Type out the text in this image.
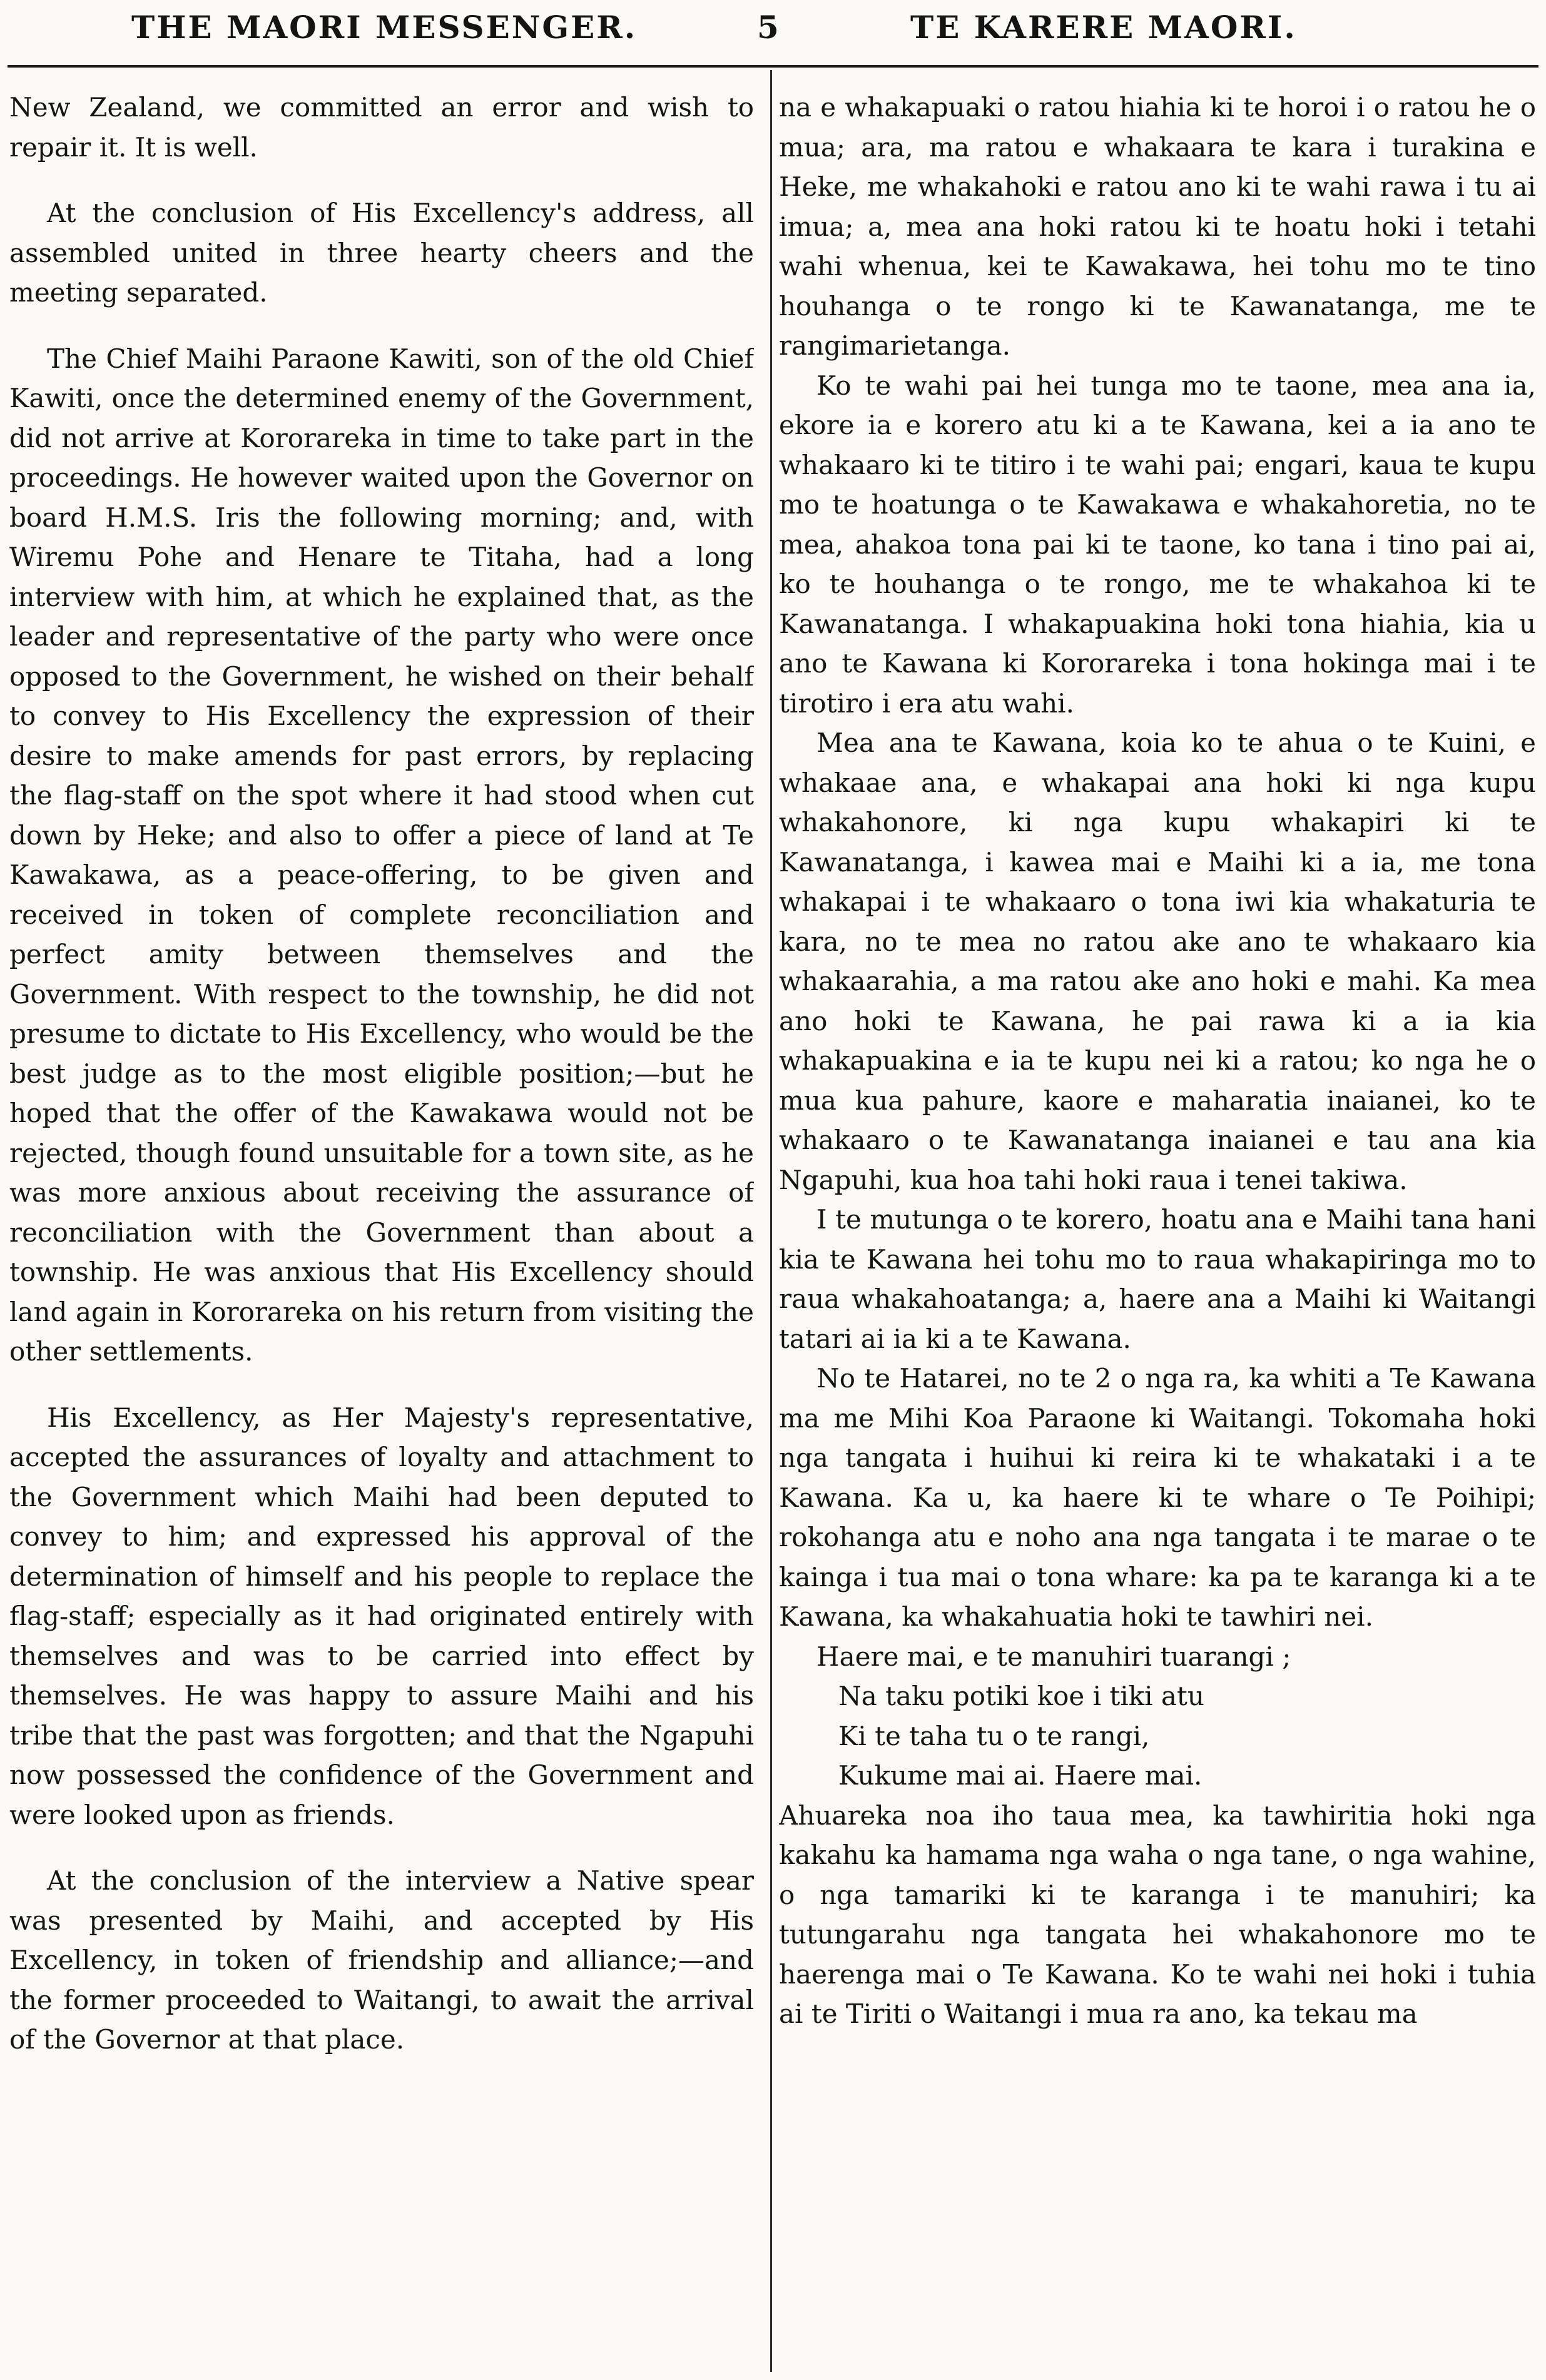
THE MAORI MESSENGER.	5	TE KARERE MAORI.

New Zealand, we committed an error and wish to repair it. It is well.

At the conclusion of His Excellency's address, all assembled united in three hearty cheers and the meeting separated.

The Chief Maihi Paraone Kawiti, son of the old Chief Kawiti, once the determined enemy of the Government, did not arrive at Kororareka in time to take part in the proceedings. He however waited upon the Governor on board H.M.S. Iris the following morning; and, with Wiremu Pohe and Henare te Titaha, had a long interview with him, at which he explained that, as the leader and representative of the party who were once opposed to the Government, he wished on their behalf to convey to His Excellency the expression of their desire to make amends for past errors, by replacing the flag-staff on the spot where it had stood when cut down by Heke; and also to offer a piece of land at Te Kawakawa, as a peace-offering, to be given and received in token of complete reconciliation and perfect amity between themselves and the Government. With respect to the township, he did not presume to dictate to His Excellency, who would be the best judge as to the most eligible position;—but he hoped that the offer of the Kawakawa would not be rejected, though found unsuitable for a town site, as he was more anxious about receiving the assurance of reconciliation with the Government than about a township. He was anxious that His Excellency should land again in Kororareka on his return from visiting the other settlements.

His Excellency, as Her Majesty's representative, accepted the assurances of loyalty and attachment to the Government which Maihi had been deputed to convey to him; and expressed his approval of the determination of himself and his people to replace the flag-staff; especially as it had originated entirely with themselves and was to be carried into effect by themselves. He was happy to assure Maihi and his tribe that the past was forgotten; and that the Ngapuhi now possessed the confidence of the Government and were looked upon as friends.

At the conclusion of the interview a Native spear was presented by Maihi, and accepted by His Excellency, in token of friendship and alliance;—and the former proceeded to Waitangi, to await the arrival of the Governor at that place.

na e whakapuaki o ratou hiahia ki te horoi i o ratou he o mua; ara, ma ratou e whakaara te kara i turakina e Heke, me whakahoki e ratou ano ki te wahi rawa i tu ai imua; a, mea ana hoki ratou ki te hoatu hoki i tetahi wahi whenua, kei te Kawakawa, hei tohu mo te tino houhanga o te rongo ki te Kawanatanga, me te rangimarietanga.

Ko te wahi pai hei tunga mo te taone, mea ana ia, ekore ia e korero atu ki a te Kawana, kei a ia ano te whakaaro ki te titiro i te wahi pai; engari, kaua te kupu mo te hoatunga o te Kawakawa e whakahoretia, no te mea, ahakoa tona pai ki te taone, ko tana i tino pai ai, ko te houhanga o te rongo, me te whakahoa ki te Kawanatanga. I whakapuakina hoki tona hiahia, kia u ano te Kawana ki Kororareka i tona hokinga mai i te tirotiro i era atu wahi.

Mea ana te Kawana, koia ko te ahua o te Kuini, e whakaae ana, e whakapai ana hoki ki nga kupu whakahonore, ki nga kupu whakapiri ki te Kawanatanga, i kawea mai e Maihi ki a ia, me tona whakapai i te whakaaro o tona iwi kia whakaturia te kara, no te mea no ratou ake ano te whakaaro kia whakaarahia, a ma ratou ake ano hoki e mahi. Ka mea ano hoki te Kawana, he pai rawa ki a ia kia whakapuakina e ia te kupu nei ki a ratou; ko nga he o mua kua pahure, kaore e maharatia inaianei, ko te whakaaro o te Kawanatanga inaianei e tau ana kia Ngapuhi, kua hoa tahi hoki raua i tenei takiwa.

I te mutunga o te korero, hoatu ana e Maihi tana hani kia te Kawana hei tohu mo to raua whakapiringa mo to raua whakahoatanga; a, haere ana a Maihi ki Waitangi tatari ai ia ki a te Kawana.

No te Hatarei, no te 2 o nga ra, ka whiti a Te Kawana ma me Mihi Koa Paraone ki Waitangi. Tokomaha hoki nga tangata i huihui ki reira ki te whakataki i a te Kawana. Ka u, ka haere ki te whare o Te Poihipi; rokohanga atu e noho ana nga tangata i te marae o te kainga i tua mai o tona whare: ka pa te karanga ki a te Kawana, ka whakahuatia hoki te tawhiri nei.

Haere mai, e te manuhiri tuarangi ;
Na taku potiki koe i tiki atu
Ki te taha tu o te rangi,
Kukume mai ai. Haere mai.

Ahuareka noa iho taua mea, ka tawhiritia hoki nga kakahu ka hamama nga waha o nga tane, o nga wahine, o nga tamariki ki te karanga i te manuhiri; ka tutungarahu nga tangata hei whakahonore mo te haerenga mai o Te Kawana. Ko te wahi nei hoki i tuhia ai te Tiriti o Waitangi i mua ra ano, ka tekau ma
